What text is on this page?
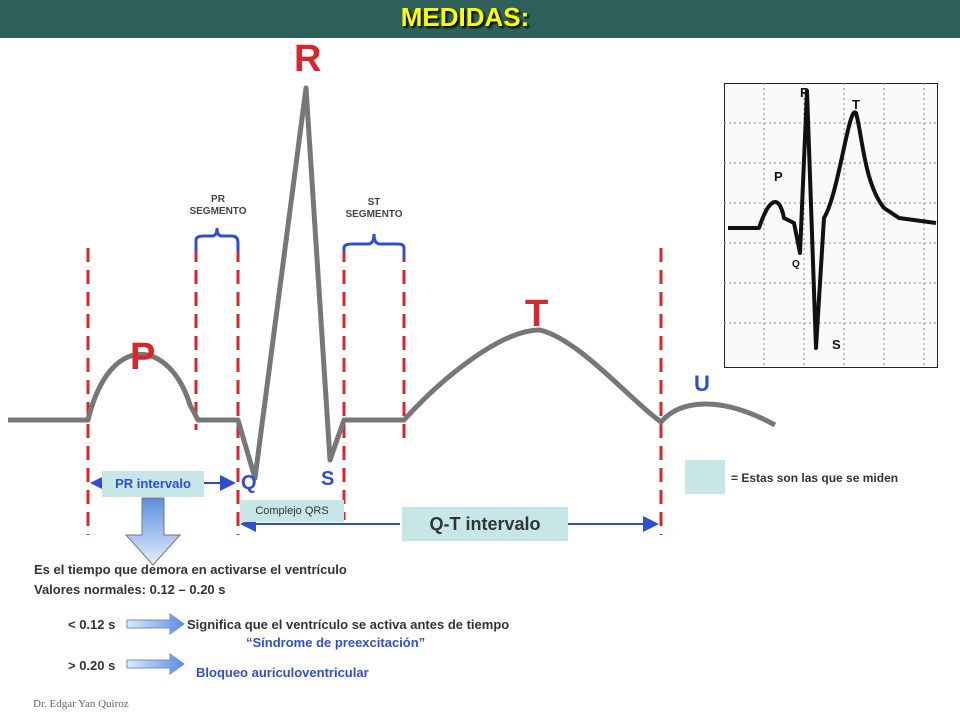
MEDIDAS:
R
T
P
Q
S
R
T
P
U
Q	S
PR
SEGMENTO
ST
SEGMENTO
PR intervalo
Complejo QRS
Q-T intervalo
= Estas son las que se miden
Es el tiempo que demora en activarse el ventrículo
Valores normales: 0.12 – 0.20 s
< 0.12 s	Significa que el ventrículo se activa antes de tiempo
“Síndrome de preexcitación”
> 0.20 s	Bloqueo auriculoventricular
Dr. Edgar Yan Quiroz
